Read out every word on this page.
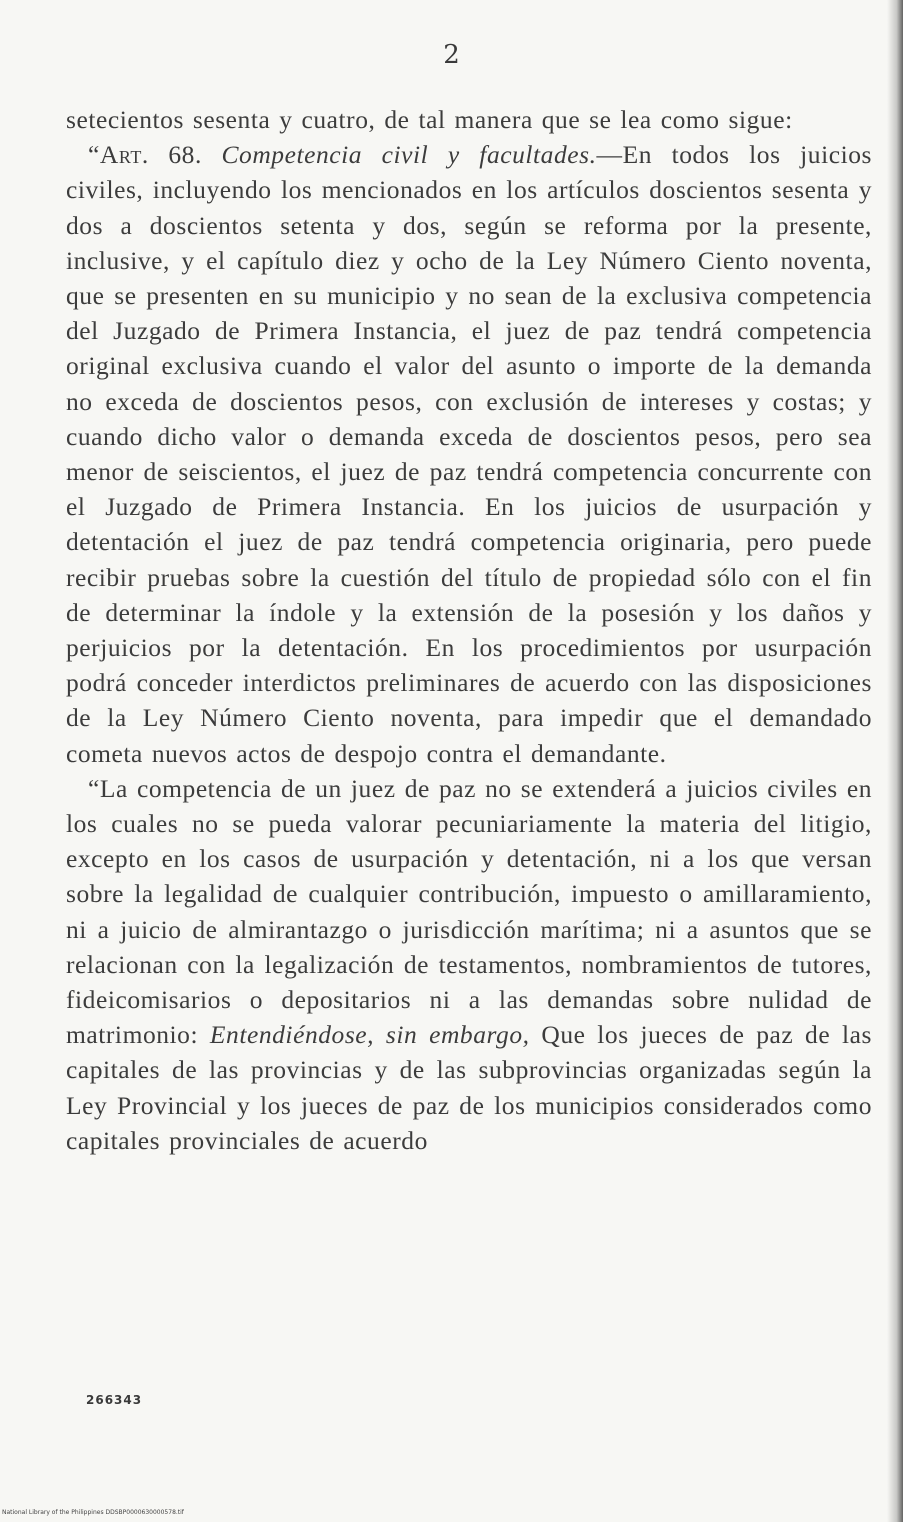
2

setecientos sesenta y cuatro, de tal manera que se lea como sigue:

“Art. 68. Competencia civil y facultades.—En todos los juicios civiles, incluyendo los mencionados en los artículos doscientos sesenta y dos a doscientos setenta y dos, según se reforma por la presente, inclusive, y el capítulo diez y ocho de la Ley Número Ciento noventa, que se presenten en su municipio y no sean de la exclusiva competencia del Juzgado de Primera Instancia, el juez de paz tendrá competencia original exclusiva cuando el valor del asunto o importe de la demanda no exceda de doscientos pesos, con exclusión de intereses y costas; y cuando dicho valor o demanda exceda de doscientos pesos, pero sea menor de seiscientos, el juez de paz tendrá competencia concurrente con el Juzgado de Primera Instancia. En los juicios de usurpación y detentación el juez de paz tendrá competencia originaria, pero puede recibir pruebas sobre la cuestión del título de propiedad sólo con el fin de determinar la índole y la extensión de la posesión y los daños y perjuicios por la detentación. En los procedimientos por usurpación podrá conceder interdictos preliminares de acuerdo con las disposiciones de la Ley Número Ciento noventa, para impedir que el demandado cometa nuevos actos de despojo contra el demandante.

“La competencia de un juez de paz no se extenderá a juicios civiles en los cuales no se pueda valorar pecuniariamente la materia del litigio, excepto en los casos de usurpación y detentación, ni a los que versan sobre la legalidad de cualquier contribución, impuesto o amillaramiento, ni a juicio de almirantazgo o jurisdicción marítima; ni a asuntos que se relacionan con la legalización de testamentos, nombramientos de tutores, fideicomisarios o depositarios ni a las demandas sobre nulidad de matrimonio: Entendiéndose, sin embargo, Que los jueces de paz de las capitales de las provincias y de las subprovincias organizadas según la Ley Provincial y los jueces de paz de los municipios considerados como capitales provinciales de acuerdo

266343
National Library of the Philippines DDSBP0000630000578.tif
